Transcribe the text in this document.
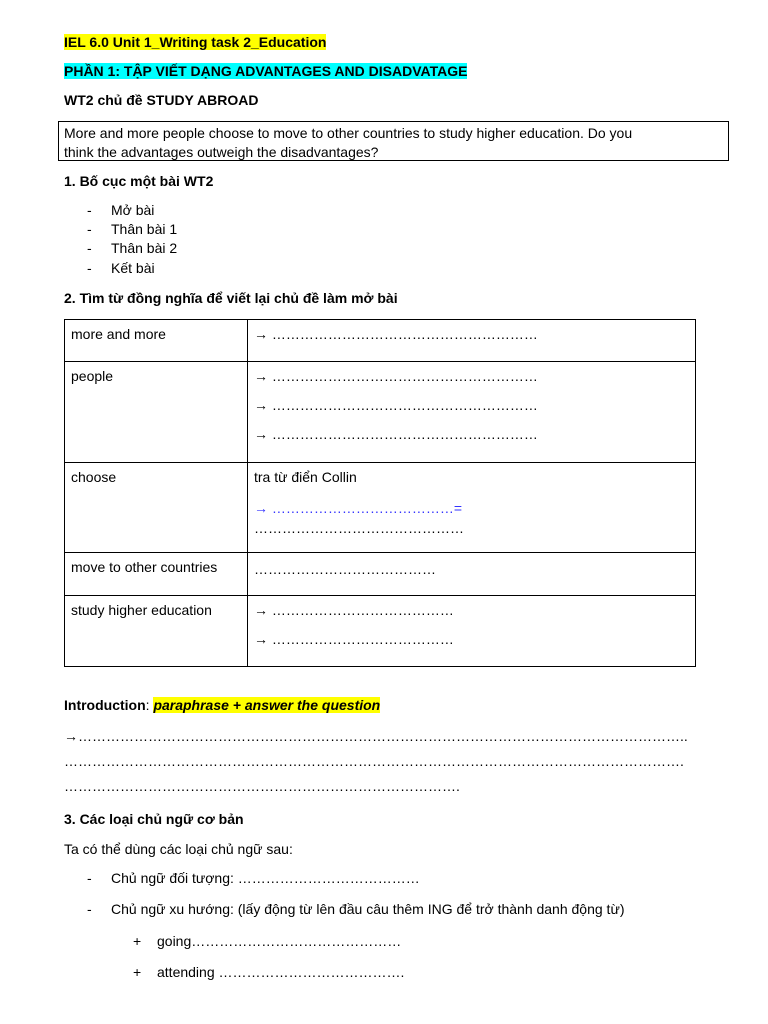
IEL 6.0 Unit 1_Writing task 2_Education
PHẦN 1: TẬP VIẾT DẠNG ADVANTAGES AND DISADVATAGE
WT2 chủ đề STUDY ABROAD
More and more people choose to move to other countries to study higher education. Do you
think the advantages outweigh the disadvantages?
1. Bố cục một bài WT2
- Mở bài
- Thân bài 1
- Thân bài 2
- Kết bài
2. Tìm từ đồng nghĩa để viết lại chủ đề làm mở bài
more and more	→ …………………………………………………

people	→ …………………………………………………
→ …………………………………………………
→ …………………………………………………

choose	tra từ điển Collin
→ …………………………………=
………………………………………

move to other countries	…………………………………

study higher education	→ …………………………………
→ …………………………………
Introduction: paraphrase + answer the question
→…………………………………………………………………………………………………………………..
…………………………………………………………………………………………………………………….
………………………………………………………………………….
3. Các loại chủ ngữ cơ bản
Ta có thể dùng các loại chủ ngữ sau:
- Chủ ngữ đối tượng: …………………………………
- Chủ ngữ xu hướng: (lấy động từ lên đầu câu thêm ING để trở thành danh động từ)
+ going………………………………………
+ attending ………………………………….
